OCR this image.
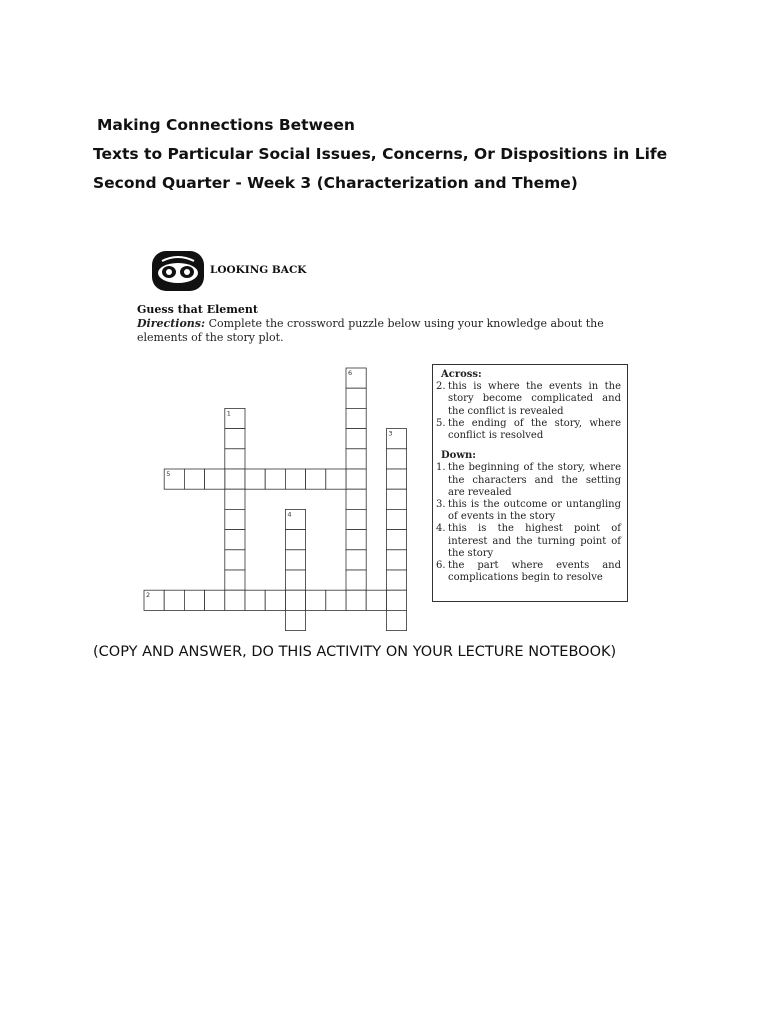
Making Connections Between
Texts to Particular Social Issues, Concerns, Or Dispositions in Life
Second Quarter - Week 3 (Characterization and Theme)
LOOKING BACK
Guess that Element
Directions: Complete the crossword puzzle below using your knowledge about the elements of the story plot.
6
1
3
5
4
2
Across:
2. this is where the events in the story become complicated and the conflict is revealed
5. the ending of the story, where conflict is resolved
Down:
1. the beginning of the story, where the characters and the setting are revealed
3. this is the outcome or untangling of events in the story
4. this is the highest point of interest and the turning point of the story
6. the part where events and complications begin to resolve
(COPY AND ANSWER, DO THIS ACTIVITY ON YOUR LECTURE NOTEBOOK)
